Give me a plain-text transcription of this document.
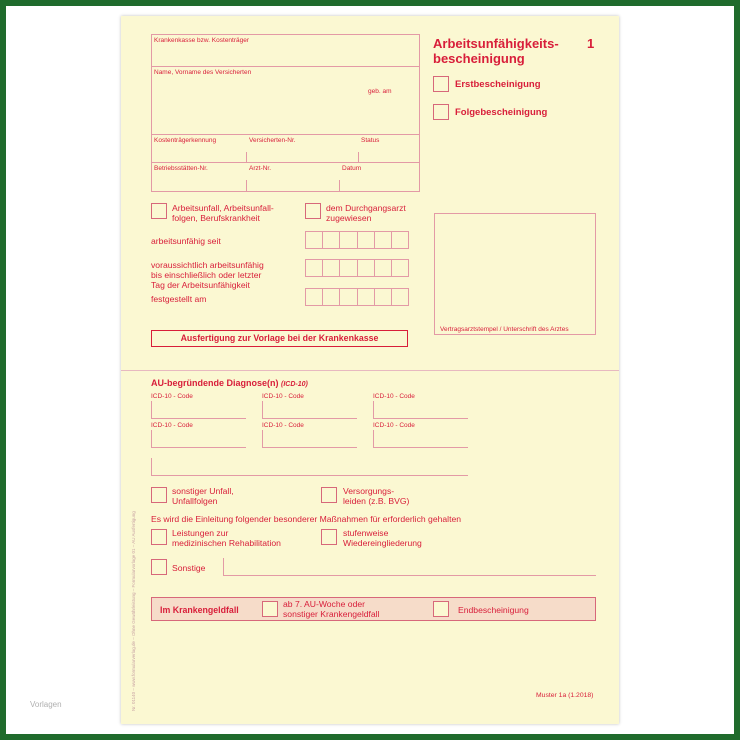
Krankenkasse bzw. Kostenträger
Name, Vorname des Versicherten
geb. am
Kostenträgerkennung	Versicherten-Nr.	Status
Betriebsstätten-Nr.	Arzt-Nr.	Datum
Arbeitsunfähigkeits-
bescheinigung
1
Erstbescheinigung
Folgebescheinigung
Arbeitsunfall, Arbeitsunfall-
folgen, Berufskrankheit
dem Durchgangsarzt
zugewiesen
arbeitsunfähig seit
voraussichtlich arbeitsunfähig
bis einschließlich oder letzter
Tag der Arbeitsunfähigkeit
festgestellt am
Vertragsarztstempel / Unterschrift des Arztes
Ausfertigung zur Vorlage bei der Krankenkasse
AU-begründende Diagnose(n) (ICD-10)
ICD-10 - Code	ICD-10 - Code	ICD-10 - Code
ICD-10 - Code	ICD-10 - Code	ICD-10 - Code
sonstiger Unfall,
Unfallfolgen
Versorgungs-
leiden (z.B. BVG)
Es wird die Einleitung folgender besonderer Maßnahmen für erforderlich gehalten
Leistungen zur
medizinischen Rehabilitation
stufenweise
Wiedereingliederung
Sonstige
Im Krankengeldfall
ab 7. AU-Woche oder
sonstiger Krankengeldfall	Endbescheinigung
Muster 1a (1.2018)
Nr. 01140 – www.formularverlag.de – Ohne Gewährleistung – Formularvorlage 01 – AU Ausfertigung
Vorlagen
